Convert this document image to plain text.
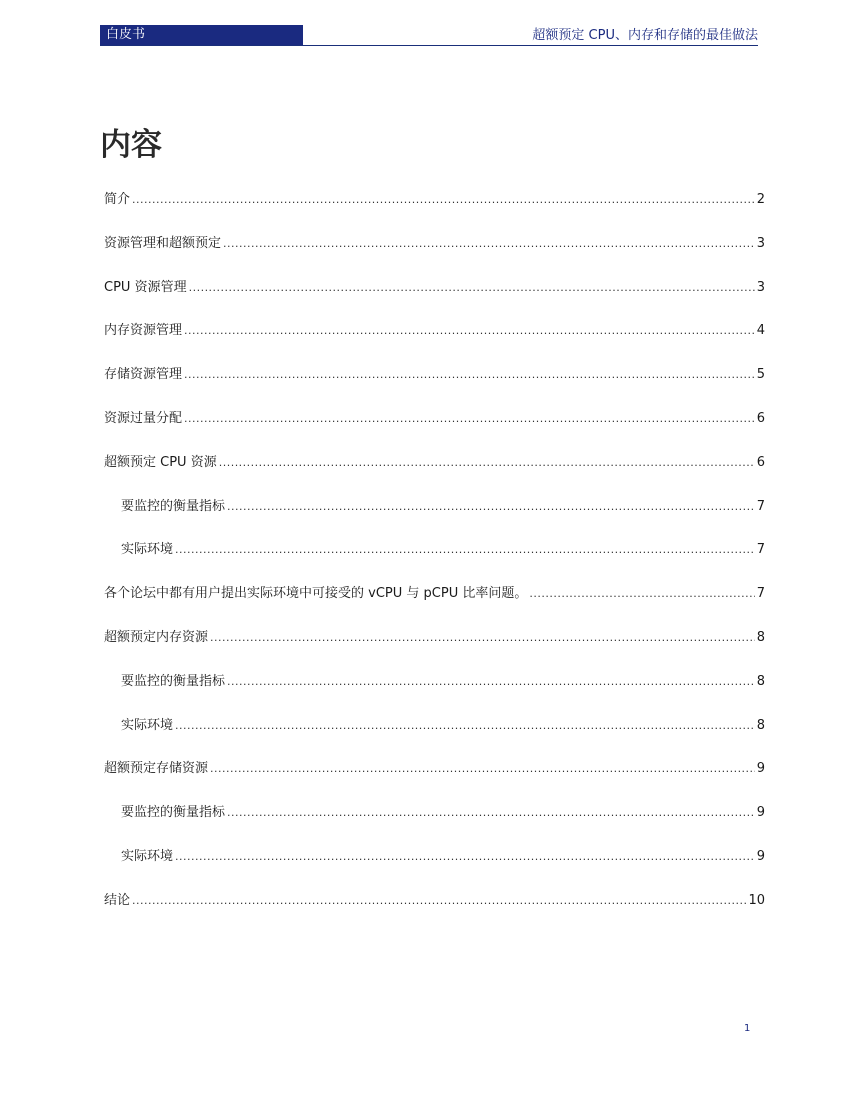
白皮书	超额预定 CPU、内存和存储的最佳做法
内容
简介 .....	2
资源管理和超额预定 .....	3
CPU 资源管理 .....	3
内存资源管理 .....	4
存储资源管理 .....	5
资源过量分配 .....	6
超额预定 CPU 资源 .....	6
要监控的衡量指标 .....	7
实际环境 .....	7
各个论坛中都有用户提出实际环境中可接受的 vCPU 与 pCPU 比率问题。 .....	7
超额预定内存资源 .....	8
要监控的衡量指标 .....	8
实际环境 .....	8
超额预定存储资源 .....	9
要监控的衡量指标 .....	9
实际环境 .....	9
结论 .....	10
1
